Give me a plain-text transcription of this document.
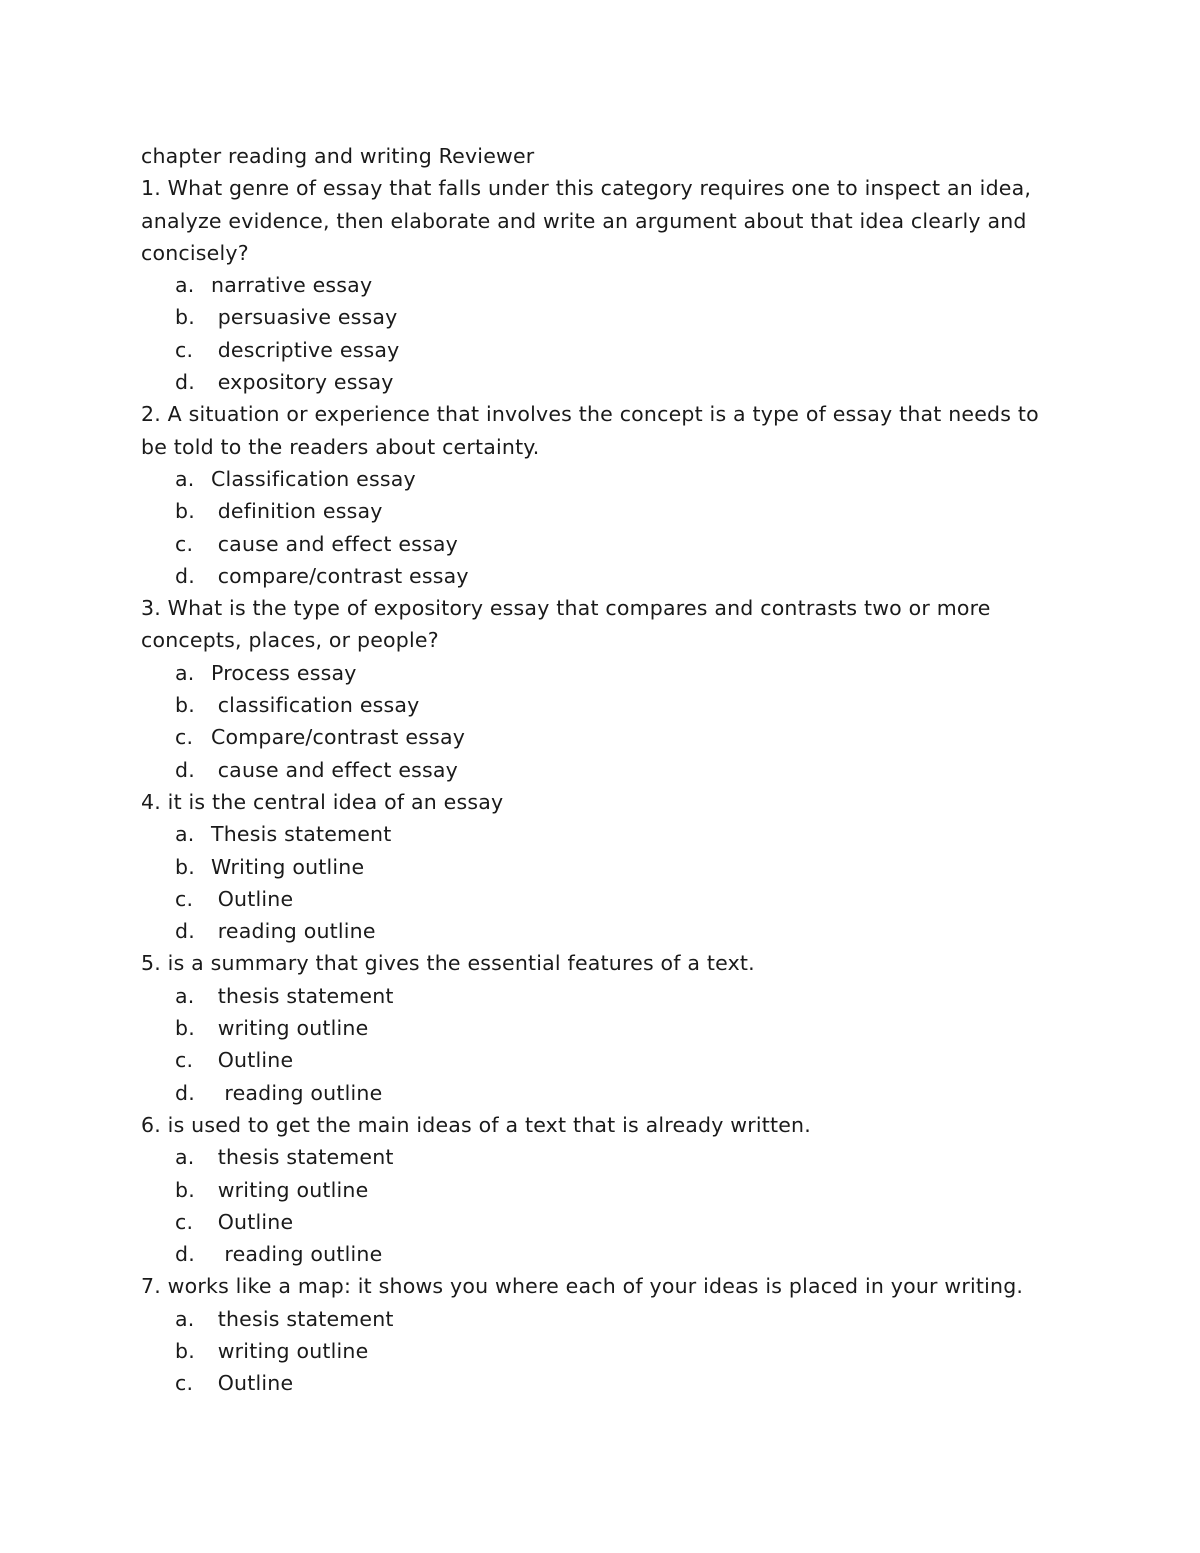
chapter reading and writing Reviewer
1. What genre of essay that falls under this category requires one to inspect an idea, analyze evidence, then elaborate and write an argument about that idea clearly and concisely?
a. narrative essay
b. persuasive essay
c. descriptive essay
d. expository essay
2. A situation or experience that involves the concept is a type of essay that needs to be told to the readers about certainty.
a. Classification essay
b. definition essay
c. cause and effect essay
d. compare/contrast essay
3. What is the type of expository essay that compares and contrasts two or more concepts, places, or people?
a. Process essay
b. classification essay
c. Compare/contrast essay
d. cause and effect essay
4. it is the central idea of an essay
a. Thesis statement
b. Writing outline
c. Outline
d. reading outline
5. is a summary that gives the essential features of a text.
a. thesis statement
b. writing outline
c. Outline
d. reading outline
6. is used to get the main ideas of a text that is already written.
a. thesis statement
b. writing outline
c. Outline
d. reading outline
7. works like a map: it shows you where each of your ideas is placed in your writing.
a. thesis statement
b. writing outline
c. Outline
